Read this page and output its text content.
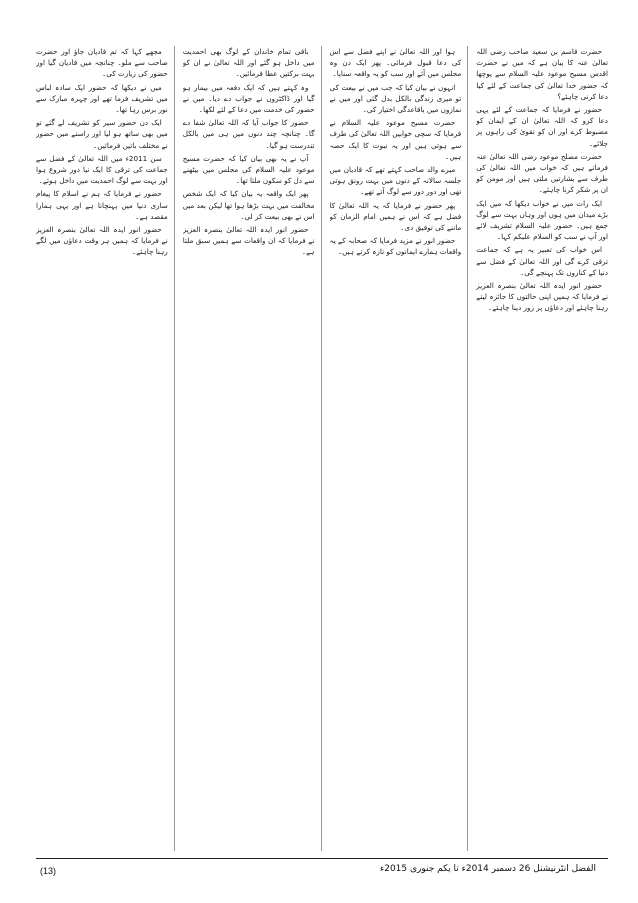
حضرت قاسم بن سعید صاحب رضی اللہ تعالیٰ عنہ کا بیان ہے کہ میں نے حضرت اقدس مسیح موعود علیہ السلام سے پوچھا کہ حضور خدا تعالیٰ کی جماعت کے لئے کیا دعا کرنی چاہئے؟

حضور نے فرمایا کہ جماعت کے لئے یہی دعا کرو کہ اللہ تعالیٰ ان کے ایمان کو مضبوط کرے اور ان کو تقویٰ کی راہوں پر چلائے۔

حضرت مصلح موعود رضی اللہ تعالیٰ عنہ فرماتے ہیں کہ خواب میں اللہ تعالیٰ کی طرف سے بشارتیں ملتی ہیں اور مومن کو ان پر شکر کرنا چاہئے۔

ایک رات میں نے خواب دیکھا کہ میں ایک بڑے میدان میں ہوں اور وہاں بہت سے لوگ جمع ہیں۔ حضور علیہ السلام تشریف لائے اور آپ نے سب کو السلام علیکم کہا۔

اس خواب کی تعبیر یہ ہے کہ جماعت ترقی کرے گی اور اللہ تعالیٰ کے فضل سے دنیا کے کناروں تک پہنچے گی۔

حضور انور ایدہ اللہ تعالیٰ بنصرہ العزیز نے فرمایا کہ ہمیں اپنی حالتوں کا جائزہ لیتے رہنا چاہئے اور دعاؤں پر زور دینا چاہئے۔

ہوا اور اللہ تعالیٰ نے اپنے فضل سے اس کی دعا قبول فرمائی۔ پھر ایک دن وہ مجلس میں آئے اور سب کو یہ واقعہ سنایا۔

انہوں نے بیان کیا کہ جب میں نے بیعت کی تو میری زندگی بالکل بدل گئی اور میں نے نمازوں میں باقاعدگی اختیار کی۔

حضرت مسیح موعود علیہ السلام نے فرمایا کہ سچی خوابیں اللہ تعالیٰ کی طرف سے ہوتی ہیں اور یہ نبوت کا ایک حصہ ہیں۔

میرے والد صاحب کہتے تھے کہ قادیان میں جلسہ سالانہ کے دنوں میں بہت رونق ہوتی تھی اور دور دور سے لوگ آتے تھے۔

پھر حضور نے فرمایا کہ یہ اللہ تعالیٰ کا فضل ہے کہ اس نے ہمیں امام الزمان کو ماننے کی توفیق دی۔

حضور انور نے مزید فرمایا کہ صحابہ کے یہ واقعات ہمارے ایمانوں کو تازہ کرتے ہیں۔

باقی تمام خاندان کے لوگ بھی احمدیت میں داخل ہو گئے اور اللہ تعالیٰ نے ان کو بہت برکتیں عطا فرمائیں۔

وہ کہتے ہیں کہ ایک دفعہ میں بیمار ہو گیا اور ڈاکٹروں نے جواب دے دیا۔ میں نے حضور کی خدمت میں دعا کے لئے لکھا۔

حضور کا جواب آیا کہ اللہ تعالیٰ شفا دے گا۔ چنانچہ چند دنوں میں ہی میں بالکل تندرست ہو گیا۔

آپ نے یہ بھی بیان کیا کہ حضرت مسیح موعود علیہ السلام کی مجلس میں بیٹھنے سے دل کو سکون ملتا تھا۔

پھر ایک واقعہ یہ بیان کیا کہ ایک شخص مخالفت میں بہت بڑھا ہوا تھا لیکن بعد میں اس نے بھی بیعت کر لی۔

حضور انور ایدہ اللہ تعالیٰ بنصرہ العزیز نے فرمایا کہ ان واقعات سے ہمیں سبق ملتا ہے۔

مجھے کہا کہ تم قادیان جاؤ اور حضرت صاحب سے ملو۔ چنانچہ میں قادیان گیا اور حضور کی زیارت کی۔

میں نے دیکھا کہ حضور ایک سادہ لباس میں تشریف فرما تھے اور چہرہ مبارک سے نور برس رہا تھا۔

ایک دن حضور سیر کو تشریف لے گئے تو میں بھی ساتھ ہو لیا اور راستے میں حضور نے مختلف باتیں فرمائیں۔

سن 2011ء میں اللہ تعالیٰ کے فضل سے جماعت کی ترقی کا ایک نیا دور شروع ہوا اور بہت سے لوگ احمدیت میں داخل ہوئے۔

حضور نے فرمایا کہ ہم نے اسلام کا پیغام ساری دنیا میں پہنچانا ہے اور یہی ہمارا مقصد ہے۔

حضور انور ایدہ اللہ تعالیٰ بنصرہ العزیز نے فرمایا کہ ہمیں ہر وقت دعاؤں میں لگے رہنا چاہئے۔

(13)	الفضل انٹرنیشنل 26 دسمبر 2014ء تا یکم جنوری 2015ء
